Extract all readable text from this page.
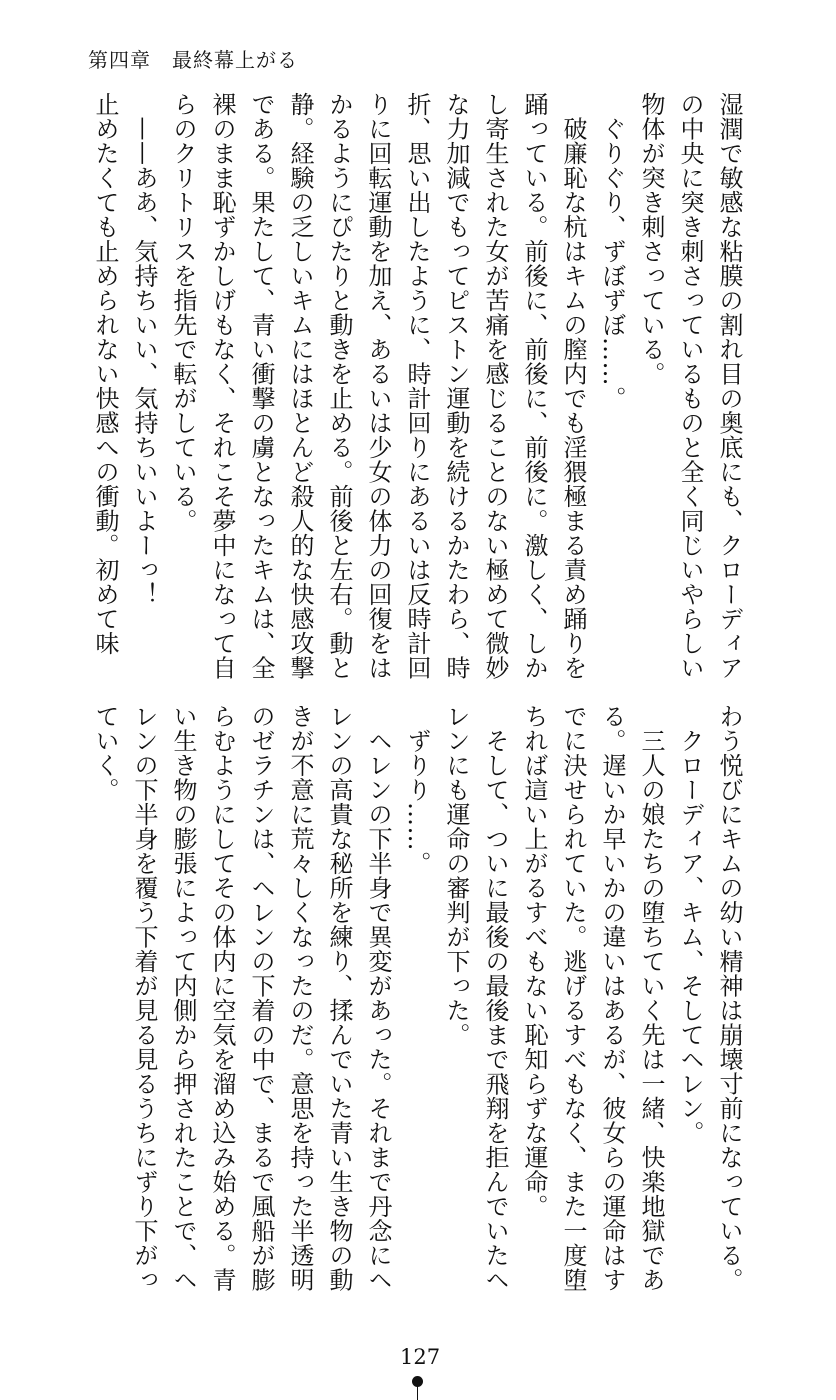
第四章　最終幕上がる

湿潤で敏感な粘膜の割れ目の奥底にも、クローディア

の中央に突き刺さっているものと全く同じいやらしい

物体が突き刺さっている。

　ぐりぐり、ずぼずぼ……。

　破廉恥な杭はキムの膣内でも淫猥極まる責め踊りを

踊っている。前後に、前後に、前後に。激しく、しか

し寄生された女が苦痛を感じることのない極めて微妙

な力加減でもってピストン運動を続けるかたわら、時

折、思い出したように、時計回りにあるいは反時計回

りに回転運動を加え、あるいは少女の体力の回復をは

かるようにぴたりと動きを止める。前後と左右。動と

静。経験の乏しいキムにはほとんど殺人的な快感攻撃

である。果たして、青い衝撃の虜となったキムは、全

裸のまま恥ずかしげもなく、それこそ夢中になって自

らのクリトリスを指先で転がしている。

　——ああ、気持ちいい、気持ちいいよーっ！

止めたくても止められない快感への衝動。初めて味

わう悦びにキムの幼い精神は崩壊寸前になっている。

　クローディア、キム、そしてヘレン。

　三人の娘たちの堕ちていく先は一緒、快楽地獄であ

る。遅いか早いかの違いはあるが、彼女らの運命はす

でに決せられていた。逃げるすべもなく、また一度堕

ちれば這い上がるすべもない恥知らずな運命。

　そして、ついに最後の最後まで飛翔を拒んでいたヘ

レンにも運命の審判が下った。

　ずりり……。

　ヘレンの下半身で異変があった。それまで丹念にヘ

レンの高貴な秘所を練り、揉んでいた青い生き物の動

きが不意に荒々しくなったのだ。意思を持った半透明

のゼラチンは、ヘレンの下着の中で、まるで風船が膨

らむようにしてその体内に空気を溜め込み始める。青

い生き物の膨張によって内側から押されたことで、ヘ

レンの下半身を覆う下着が見る見るうちにずり下がっ

ていく。

127
